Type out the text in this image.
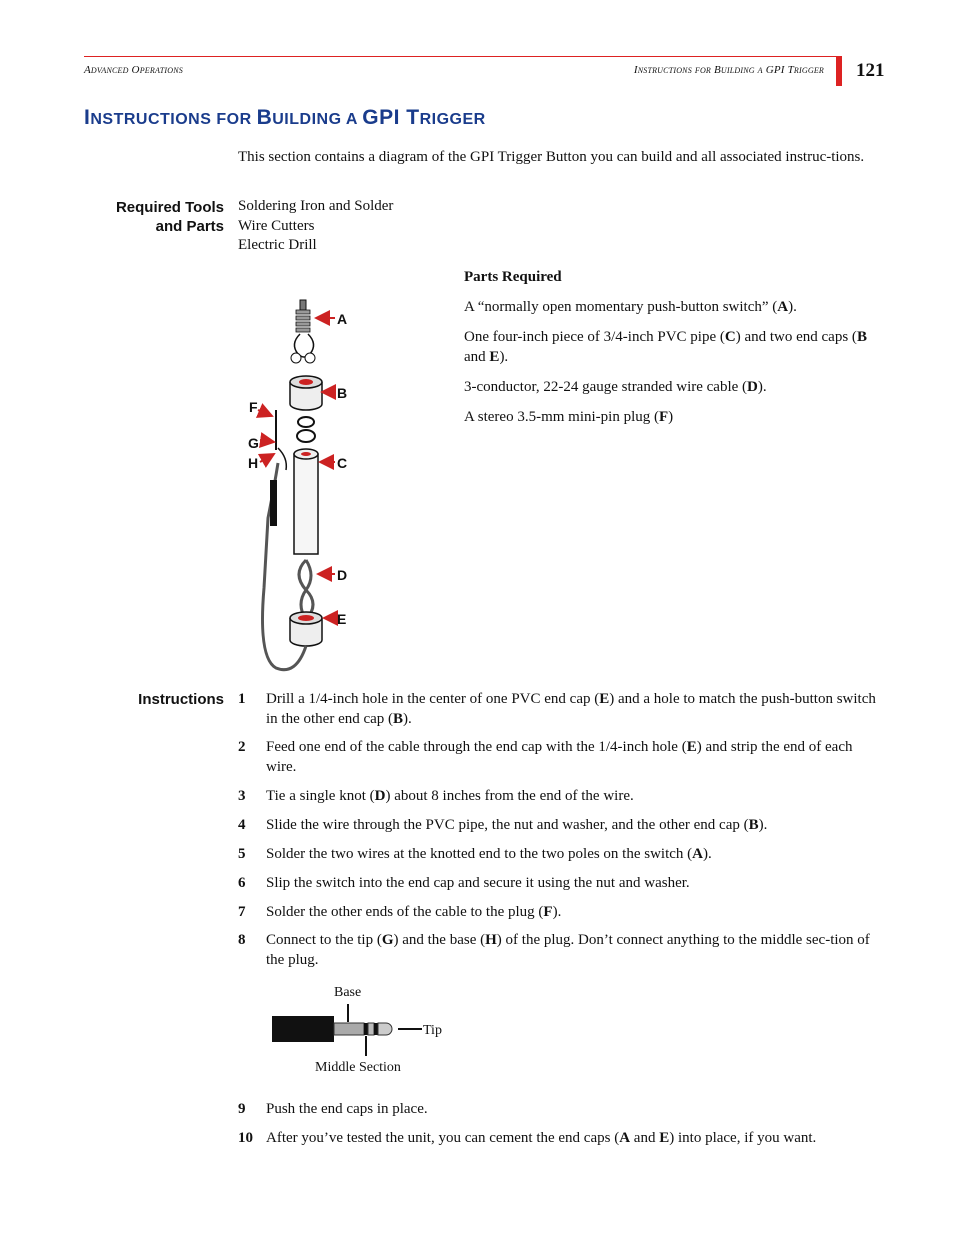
Advanced Operations	Instructions for Building a GPI Trigger 121
INSTRUCTIONS FOR BUILDING A GPI TRIGGER
This section contains a diagram of the GPI Trigger Button you can build and all associated instruc-tions.
Required Tools
and Parts
Soldering Iron and Solder
Wire Cutters
Electric Drill

Parts Required

A “normally open momentary push-button switch” (A).

One four-inch piece of 3/4-inch PVC pipe (C) and two end caps (B and E).

3-conductor, 22-24 gauge stranded wire cable (D).

A stereo 3.5-mm mini-pin plug (F)

A
B
C
D
E
F
G
H
Instructions 1 Drill a 1/4-inch hole in the center of one PVC end cap (E) and a hole to match the push-button switch in the other end cap (B).
2 Feed one end of the cable through the end cap with the 1/4-inch hole (E) and strip the end of each wire.
3 Tie a single knot (D) about 8 inches from the end of the wire.
4 Slide the wire through the PVC pipe, the nut and washer, and the other end cap (B).
5 Solder the two wires at the knotted end to the two poles on the switch (A).
6 Slip the switch into the end cap and secure it using the nut and washer.
7 Solder the other ends of the cable to the plug (F).
8 Connect to the tip (G) and the base (H) of the plug. Don’t connect anything to the middle sec-tion of the plug.
Base
Tip
Middle Section
9 Push the end caps in place.
10 After you’ve tested the unit, you can cement the end caps (A and E) into place, if you want.
